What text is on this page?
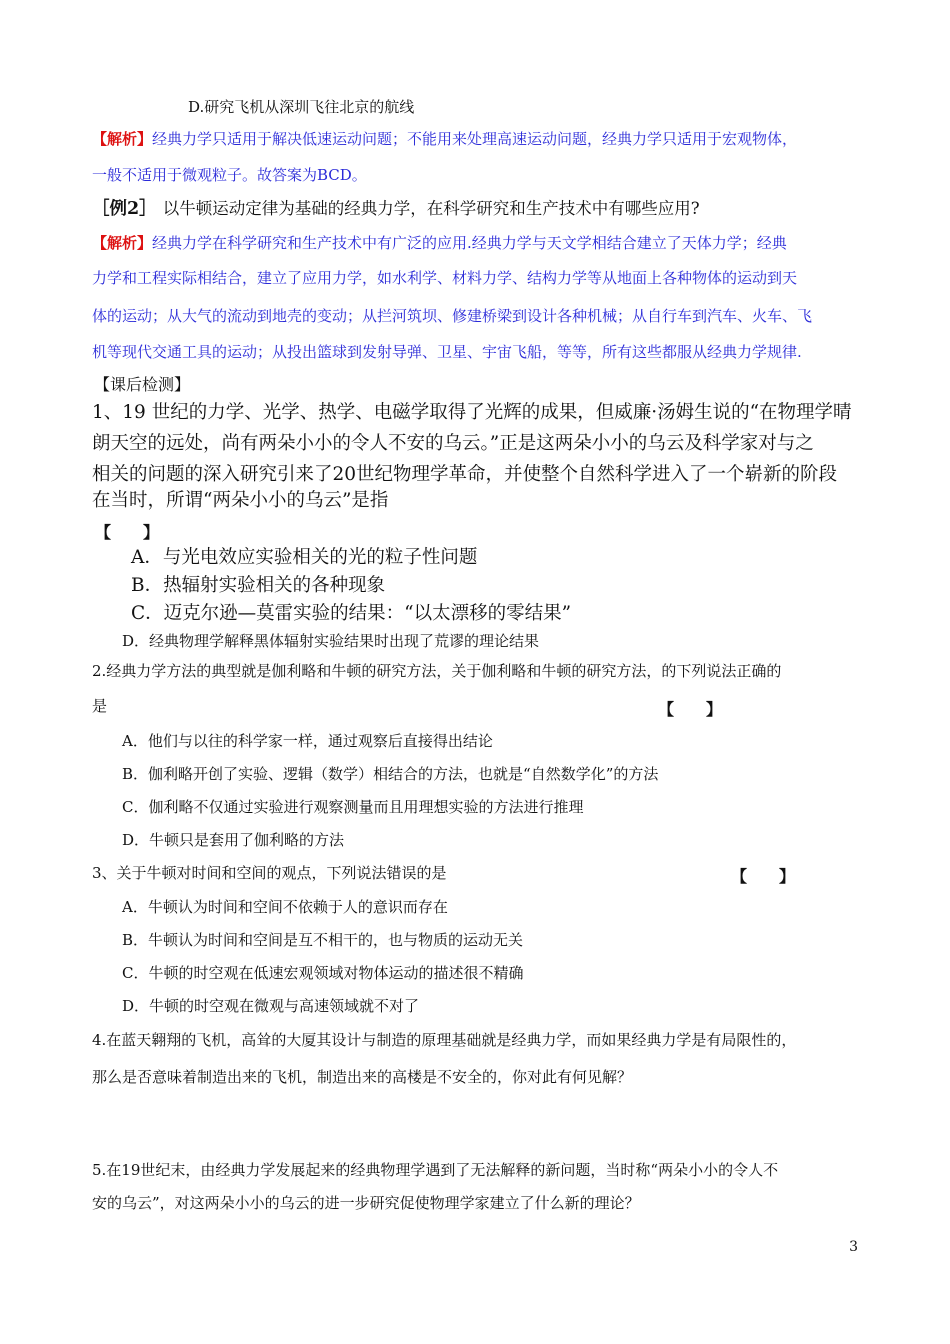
D.研究飞机从深圳飞往北京的航线
【解析】经典力学只适用于解决低速运动问题；不能用来处理高速运动问题，经典力学只适用于宏观物体，
一般不适用于微观粒子。故答案为BCD。
［例2］ 以牛顿运动定律为基础的经典力学，在科学研究和生产技术中有哪些应用?
【解析】经典力学在科学研究和生产技术中有广泛的应用.经典力学与天文学相结合建立了天体力学；经典
力学和工程实际相结合，建立了应用力学，如水利学、材料力学、结构力学等从地面上各种物体的运动到天
体的运动；从大气的流动到地壳的变动；从拦河筑坝、修建桥梁到设计各种机械；从自行车到汽车、火车、飞
机等现代交通工具的运动；从投出篮球到发射导弹、卫星、宇宙飞船，等等，所有这些都服从经典力学规律.
【课后检测】
1、19 世纪的力学、光学、热学、电磁学取得了光辉的成果，但威廉·汤姆生说的“在物理学晴
朗天空的远处，尚有两朵小小的令人不安的乌云。”正是这两朵小小的乌云及科学家对与之
相关的问题的深入研究引来了20世纪物理学革命，并使整个自然科学进入了一个崭新的阶段
在当时，所谓“两朵小小的乌云”是指
【　　】
A．与光电效应实验相关的光的粒子性问题
B．热辐射实验相关的各种现象
C．迈克尔逊—莫雷实验的结果：“以太漂移的零结果”
D．经典物理学解释黑体辐射实验结果时出现了荒谬的理论结果
2.经典力学方法的典型就是伽利略和牛顿的研究方法，关于伽利略和牛顿的研究方法，的下列说法正确的
是	【　　】
A．他们与以往的科学家一样，通过观察后直接得出结论
B．伽利略开创了实验、逻辑（数学）相结合的方法，也就是“自然数学化”的方法
C．伽利略不仅通过实验进行观察测量而且用理想实验的方法进行推理
D．牛顿只是套用了伽利略的方法
3、关于牛顿对时间和空间的观点，下列说法错误的是	【　　】
A．牛顿认为时间和空间不依赖于人的意识而存在
B．牛顿认为时间和空间是互不相干的，也与物质的运动无关
C．牛顿的时空观在低速宏观领域对物体运动的描述很不精确
D．牛顿的时空观在微观与高速领域就不对了
4.在蓝天翱翔的飞机，高耸的大厦其设计与制造的原理基础就是经典力学，而如果经典力学是有局限性的，
那么是否意味着制造出来的飞机，制造出来的高楼是不安全的，你对此有何见解？
5.在19世纪末，由经典力学发展起来的经典物理学遇到了无法解释的新问题，当时称“两朵小小的令人不
安的乌云”，对这两朵小小的乌云的进一步研究促使物理学家建立了什么新的理论？
3
